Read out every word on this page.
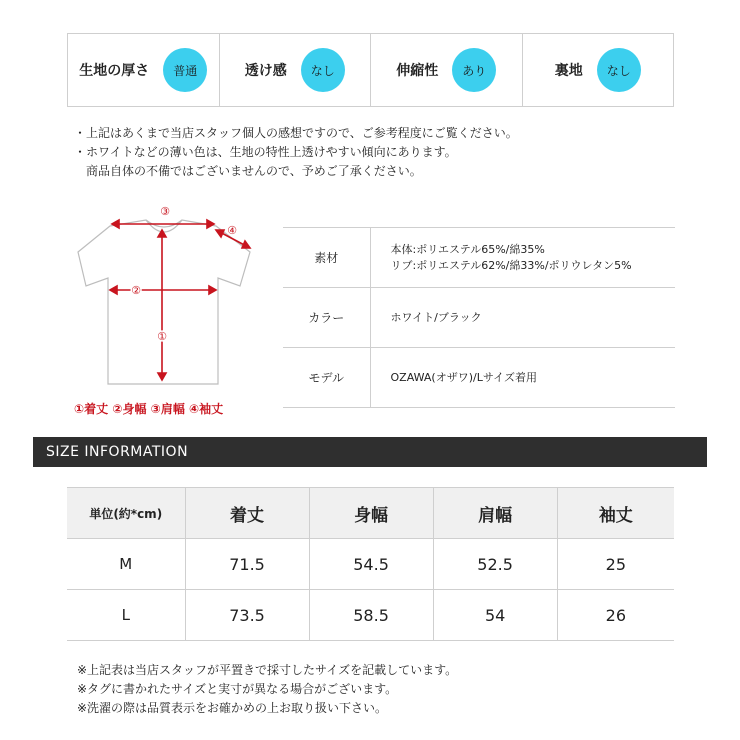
生地の厚さ	普通	透け感	なし	伸縮性	あり	裏地	なし
・上記はあくまで当店スタッフ個人の感想ですので、ご参考程度にご覧ください。
・ホワイトなどの薄い色は、生地の特性上透けやすい傾向にあります。
　商品自体の不備ではございませんので、予めご了承ください。
③
②
①
④
①着丈 ②身幅 ③肩幅 ④袖丈
素材	本体:ポリエステル65%/綿35%
リブ:ポリエステル62%/綿33%/ポリウレタン5%

カラー	ホワイト/ブラック

モデル	OZAWA(オザワ)/Lサイズ着用
SIZE INFORMATION
単位(約*cm)	着丈	身幅	肩幅	袖丈
M	71.5	54.5	52.5	25
L	73.5	58.5	54	26
※上記表は当店スタッフが平置きで採寸したサイズを記載しています。
※タグに書かれたサイズと実寸が異なる場合がございます。
※洗濯の際は品質表示をお確かめの上お取り扱い下さい。
